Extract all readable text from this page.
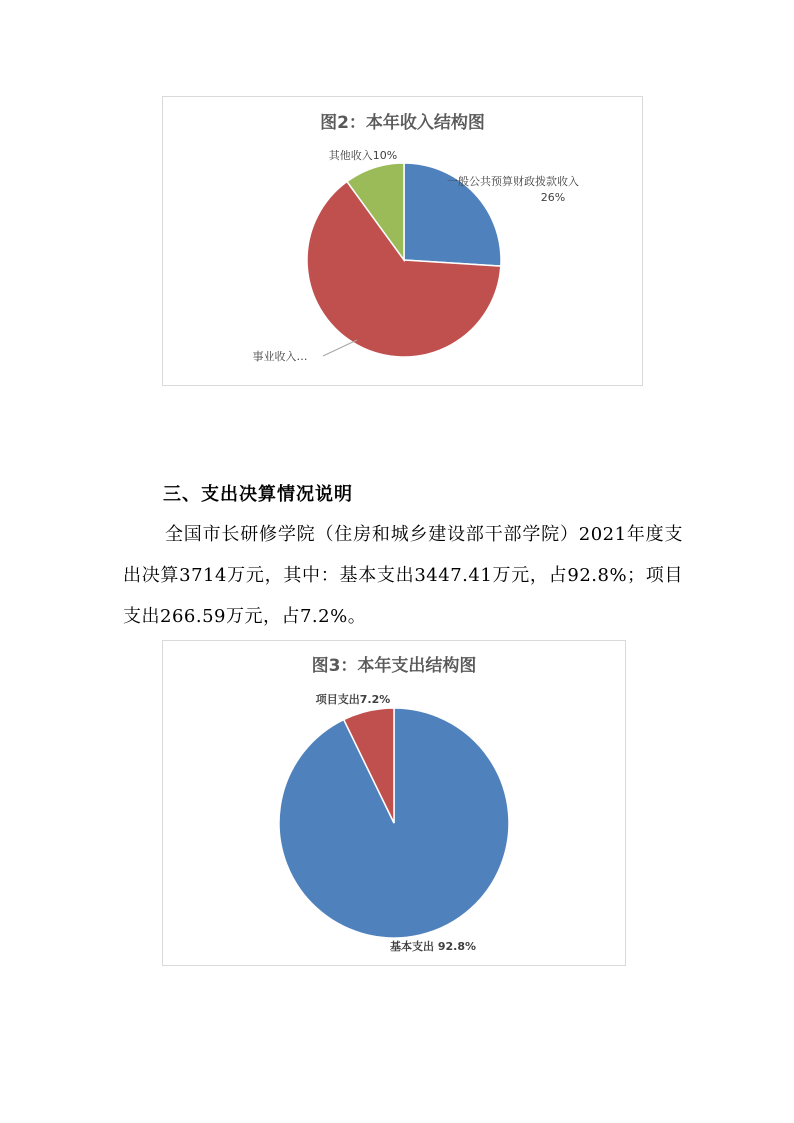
图2：本年收入结构图
一般公共预算财政拨款收入
26%
其他收入10%
事业收入…
三、支出决算情况说明
全国市长研修学院（住房和城乡建设部干部学院）2021年度支出决算3714万元，其中：基本支出3447.41万元，占92.8%；项目支出266.59万元，占7.2%。
图3：本年支出结构图
项目支出7.2%
基本支出 92.8%
